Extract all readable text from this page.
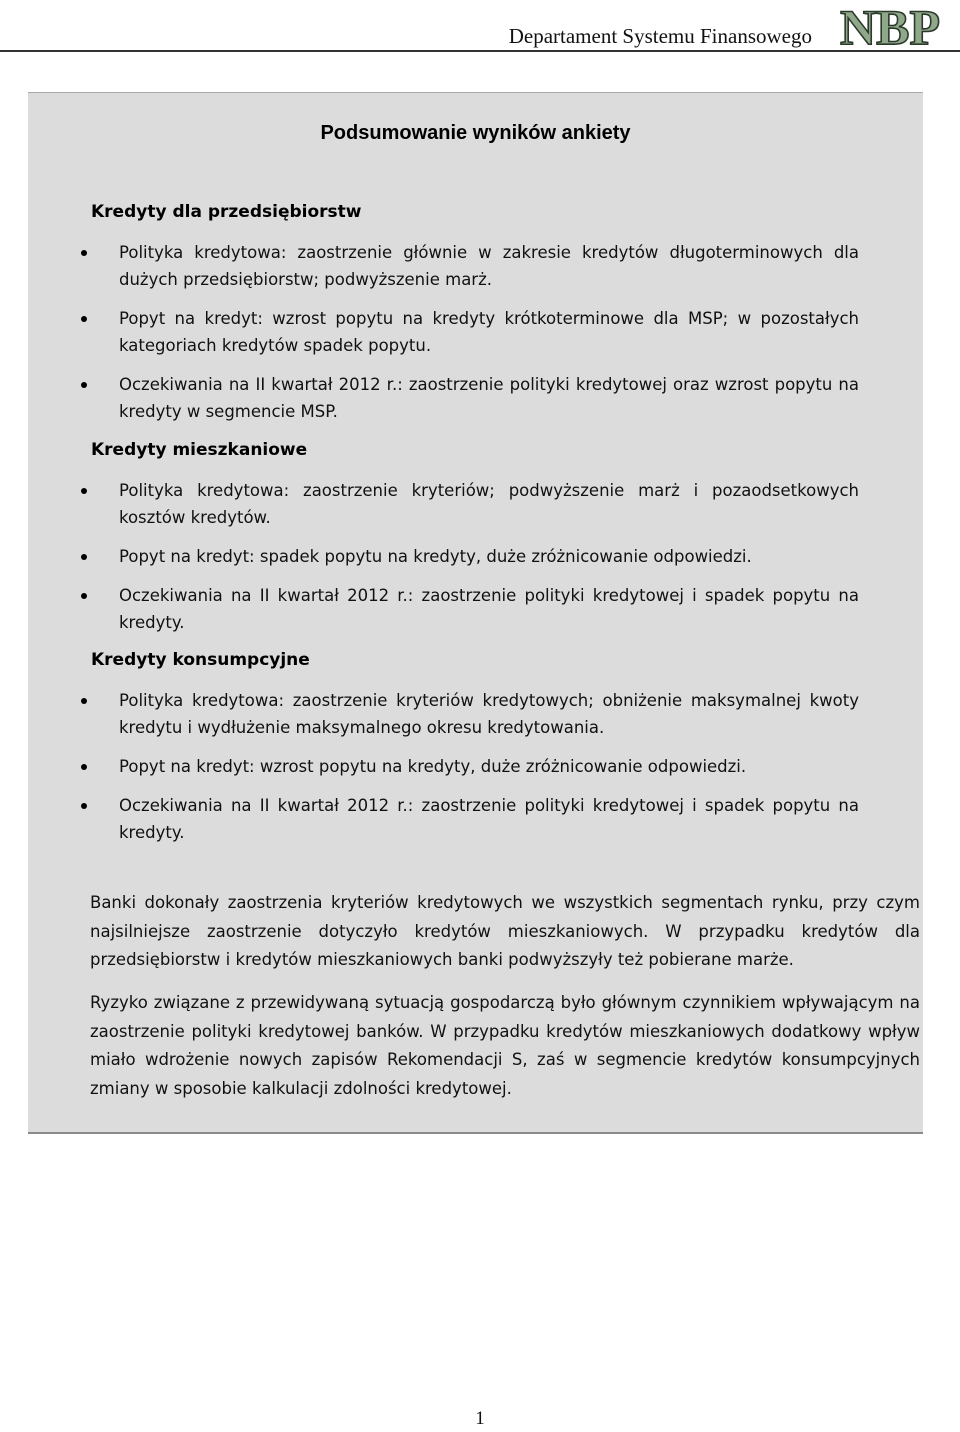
Departament Systemu Finansowego NBP
Podsumowanie wyników ankiety
Kredyty dla przedsiębiorstw
Polityka kredytowa: zaostrzenie głównie w zakresie kredytów długoterminowych dla dużych przedsiębiorstw; podwyższenie marż.
Popyt na kredyt: wzrost popytu na kredyty krótkoterminowe dla MSP; w pozostałych kategoriach kredytów spadek popytu.
Oczekiwania na II kwartał 2012 r.: zaostrzenie polityki kredytowej oraz wzrost popytu na kredyty w segmencie MSP.
Kredyty mieszkaniowe
Polityka kredytowa: zaostrzenie kryteriów; podwyższenie marż i pozaodsetkowych kosztów kredytów.
Popyt na kredyt: spadek popytu na kredyty, duże zróżnicowanie odpowiedzi.
Oczekiwania na II kwartał 2012 r.: zaostrzenie polityki kredytowej i spadek popytu na kredyty.
Kredyty konsumpcyjne
Polityka kredytowa: zaostrzenie kryteriów kredytowych; obniżenie maksymalnej kwoty kredytu i wydłużenie maksymalnego okresu kredytowania.
Popyt na kredyt: wzrost popytu na kredyty, duże zróżnicowanie odpowiedzi.
Oczekiwania na II kwartał 2012 r.: zaostrzenie polityki kredytowej i spadek popytu na kredyty.

Banki dokonały zaostrzenia kryteriów kredytowych we wszystkich segmentach rynku, przy czym najsilniejsze zaostrzenie dotyczyło kredytów mieszkaniowych. W przypadku kredytów dla przedsiębiorstw i kredytów mieszkaniowych banki podwyższyły też pobierane marże.

Ryzyko związane z przewidywaną sytuacją gospodarczą było głównym czynnikiem wpływającym na zaostrzenie polityki kredytowej banków. W przypadku kredytów mieszkaniowych dodatkowy wpływ miało wdrożenie nowych zapisów Rekomendacji S, zaś w segmencie kredytów konsumpcyjnych zmiany w sposobie kalkulacji zdolności kredytowej.

1
